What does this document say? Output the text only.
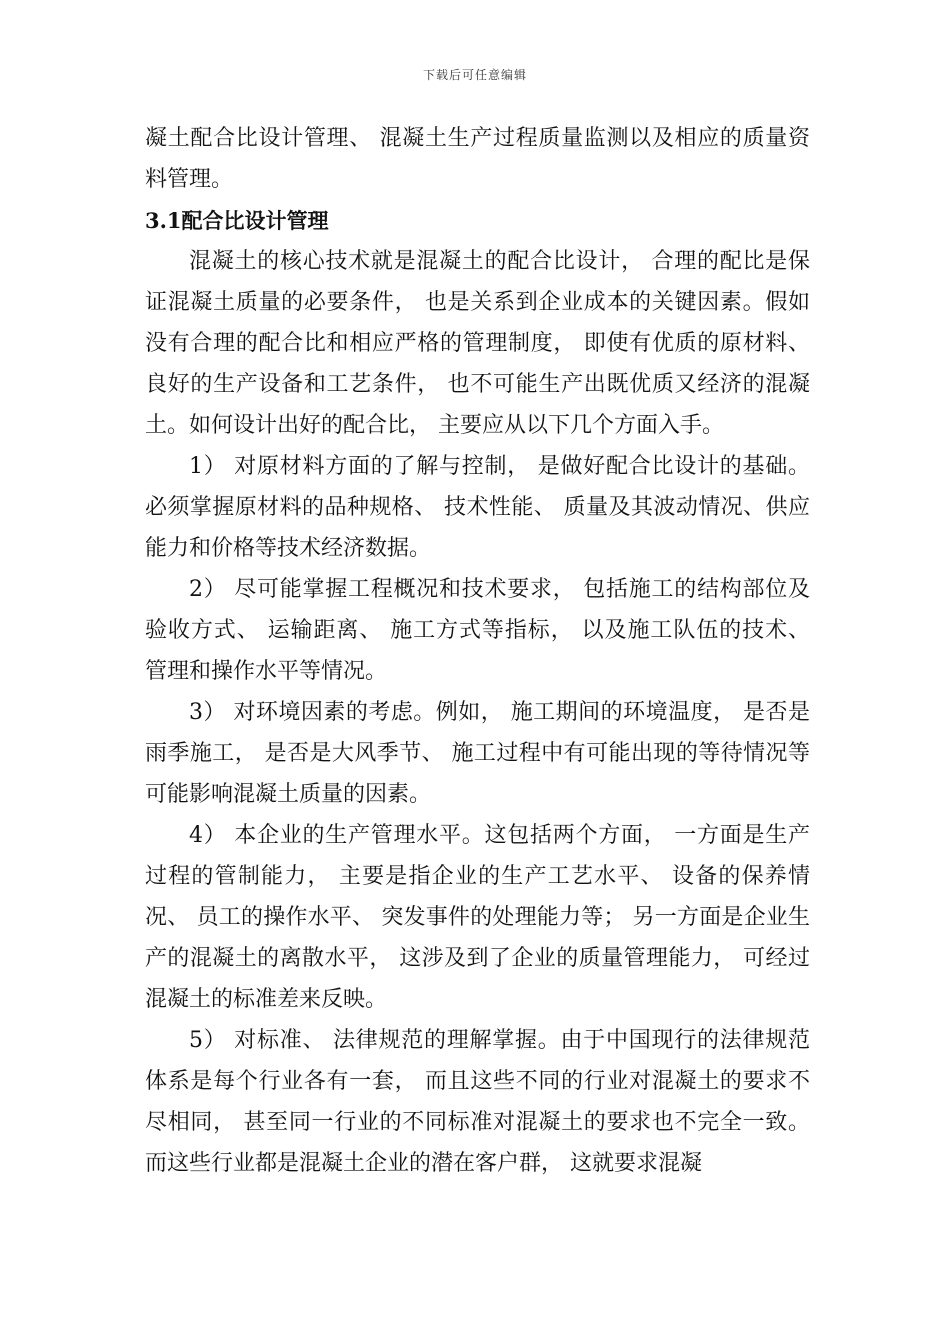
下载后可任意编辑

凝土配合比设计管理、 混凝土生产过程质量监测以及相应的质量资料管理。

3.1配合比设计管理

混凝土的核心技术就是混凝土的配合比设计， 合理的配比是保证混凝土质量的必要条件， 也是关系到企业成本的关键因素。假如没有合理的配合比和相应严格的管理制度， 即使有优质的原材料、 良好的生产设备和工艺条件， 也不可能生产出既优质又经济的混凝土。如何设计出好的配合比， 主要应从以下几个方面入手。

1） 对原材料方面的了解与控制， 是做好配合比设计的基础。必须掌握原材料的品种规格、 技术性能、 质量及其波动情况、供应能力和价格等技术经济数据。

2） 尽可能掌握工程概况和技术要求， 包括施工的结构部位及验收方式、 运输距离、 施工方式等指标， 以及施工队伍的技术、 管理和操作水平等情况。

3） 对环境因素的考虑。例如， 施工期间的环境温度， 是否是雨季施工， 是否是大风季节、 施工过程中有可能出现的等待情况等可能影响混凝土质量的因素。

4） 本企业的生产管理水平。这包括两个方面， 一方面是生产过程的管制能力， 主要是指企业的生产工艺水平、 设备的保养情况、 员工的操作水平、 突发事件的处理能力等； 另一方面是企业生产的混凝土的离散水平， 这涉及到了企业的质量管理能力， 可经过混凝土的标准差来反映。

5） 对标准、 法律规范的理解掌握。由于中国现行的法律规范体系是每个行业各有一套， 而且这些不同的行业对混凝土的要求不尽相同， 甚至同一行业的不同标准对混凝土的要求也不完全一致。而这些行业都是混凝土企业的潜在客户群， 这就要求混凝
